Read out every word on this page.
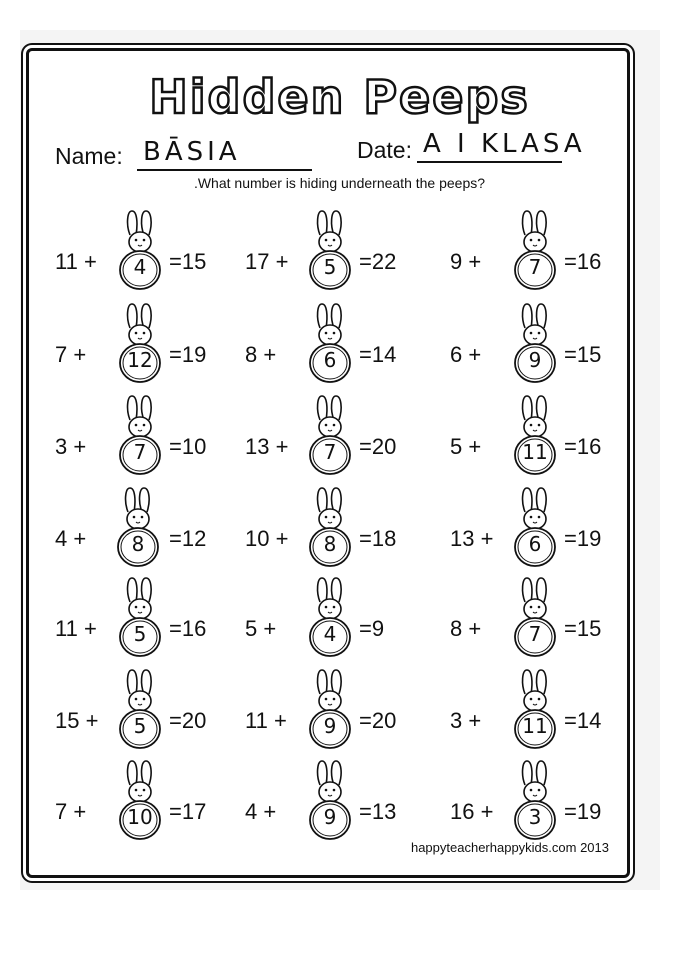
Hidden Peeps
Name: BĀSIA	Date: A I KLASA
.What number is hiding underneath the peeps?
11 +	4	=15 17 +	5	=22 9 +	7	=16
7 +	12 =19 8 +	6	=14 6 +	9	=15
3 +	7	=10 13 +	7	=20 5 +	11 =16
4 +	8	=12 10 +	8	=18 13 +	6	=19
11 +	5	=16 5 +	4	=9	8 +	7	=15
15 +	5	=20 11 +	9	=20 3 +	11 =14
7 +	10 =17 4 +	9	=13 16 +	3	=19
happyteacherhappykids.com 2013
